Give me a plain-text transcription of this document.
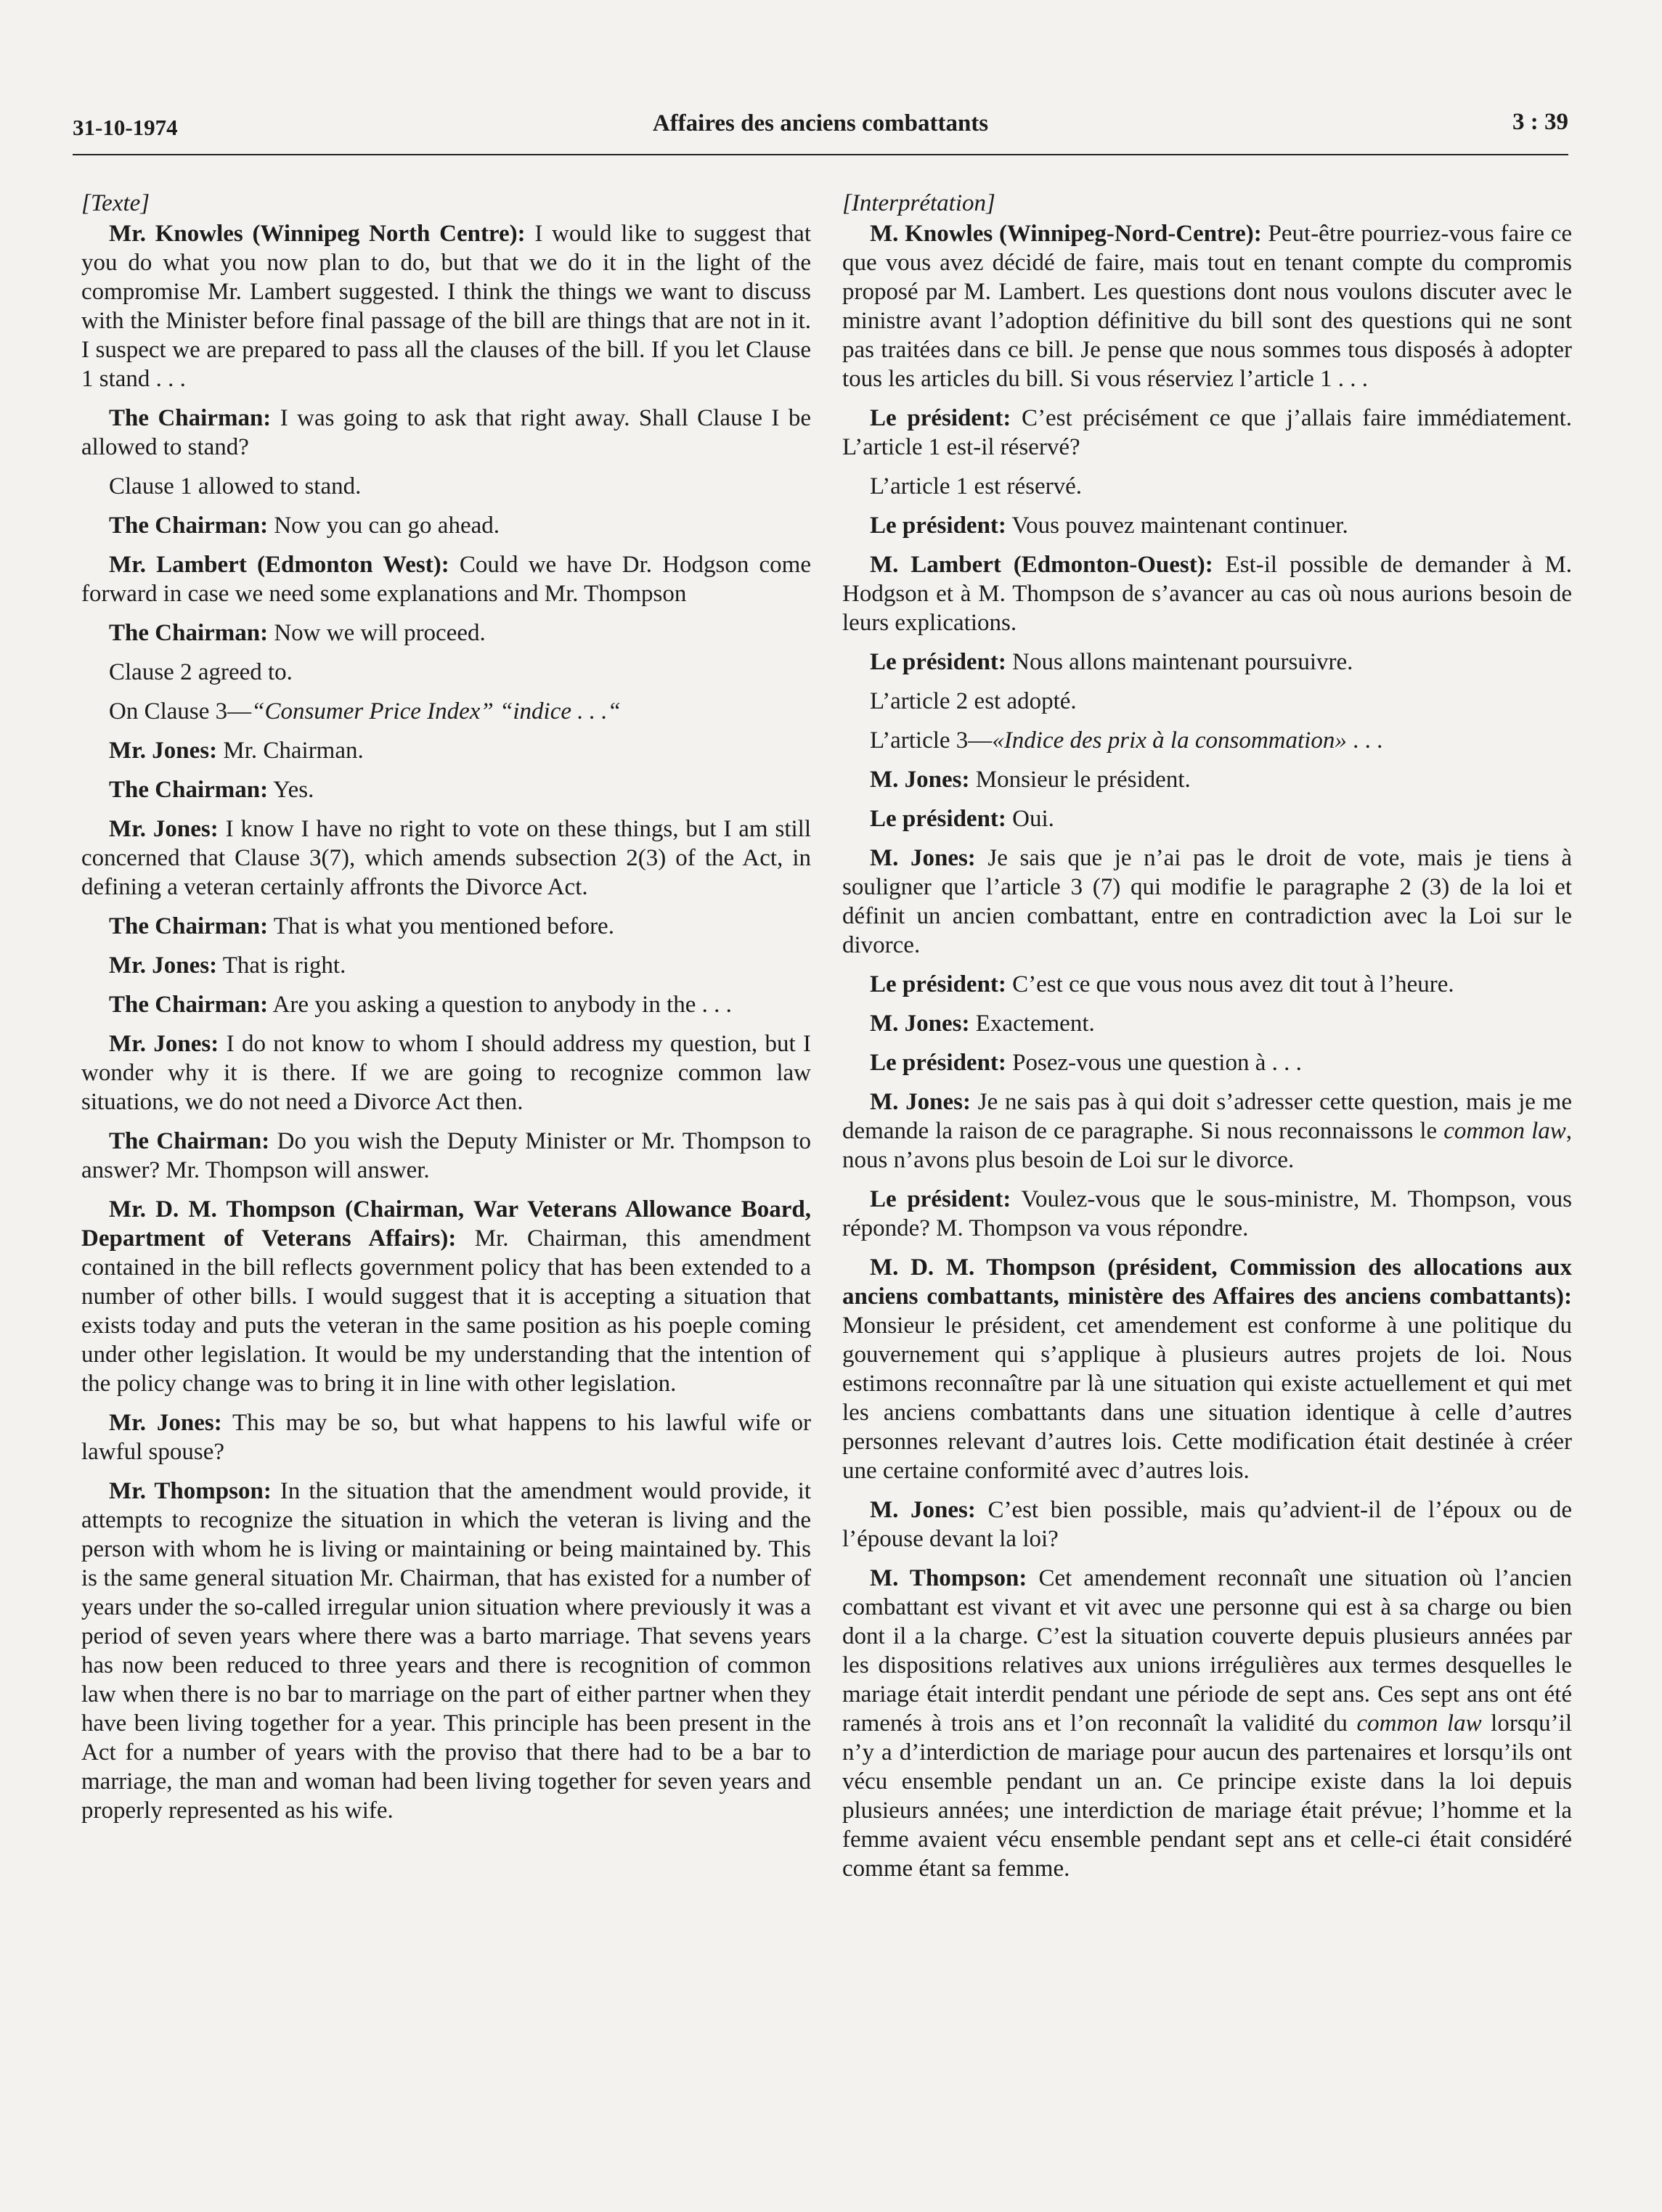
31-10-1974	Affaires des anciens combattants	3 : 39
[Texte]

Mr. Knowles (Winnipeg North Centre): I would like to suggest that you do what you now plan to do, but that we do it in the light of the compromise Mr. Lambert suggested. I think the things we want to discuss with the Minister before final passage of the bill are things that are not in it. I suspect we are prepared to pass all the clauses of the bill. If you let Clause 1 stand . . .

The Chairman: I was going to ask that right away. Shall Clause I be allowed to stand?

Clause 1 allowed to stand.

The Chairman: Now you can go ahead.

Mr. Lambert (Edmonton West): Could we have Dr. Hodgson come forward in case we need some explanations and Mr. Thompson

The Chairman: Now we will proceed.

Clause 2 agreed to.

On Clause 3—“Consumer Price Index” “indice . . .“

Mr. Jones: Mr. Chairman.

The Chairman: Yes.

Mr. Jones: I know I have no right to vote on these things, but I am still concerned that Clause 3(7), which amends subsection 2(3) of the Act, in defining a veteran certainly affronts the Divorce Act.

The Chairman: That is what you mentioned before.

Mr. Jones: That is right.

The Chairman: Are you asking a question to anybody in the . . .

Mr. Jones: I do not know to whom I should address my question, but I wonder why it is there. If we are going to recognize common law situations, we do not need a Divorce Act then.

The Chairman: Do you wish the Deputy Minister or Mr. Thompson to answer? Mr. Thompson will answer.

Mr. D. M. Thompson (Chairman, War Veterans Allowance Board, Department of Veterans Affairs): Mr. Chairman, this amendment contained in the bill reflects government policy that has been extended to a number of other bills. I would suggest that it is accepting a situation that exists today and puts the veteran in the same position as his poeple coming under other legislation. It would be my understanding that the intention of the policy change was to bring it in line with other legislation.

Mr. Jones: This may be so, but what happens to his lawful wife or lawful spouse?

Mr. Thompson: In the situation that the amendment would provide, it attempts to recognize the situation in which the veteran is living and the person with whom he is living or maintaining or being maintained by. This is the same general situation Mr. Chairman, that has existed for a number of years under the so-called irregular union situation where previously it was a period of seven years where there was a barto marriage. That sevens years has now been reduced to three years and there is recognition of common law when there is no bar to marriage on the part of either partner when they have been living together for a year. This principle has been present in the Act for a number of years with the proviso that there had to be a bar to marriage, the man and woman had been living together for seven years and properly represented as his wife.

[Interprétation]

M. Knowles (Winnipeg-Nord-Centre): Peut-être pourriez-vous faire ce que vous avez décidé de faire, mais tout en tenant compte du compromis proposé par M. Lambert. Les questions dont nous voulons discuter avec le ministre avant l’adoption définitive du bill sont des questions qui ne sont pas traitées dans ce bill. Je pense que nous sommes tous disposés à adopter tous les articles du bill. Si vous réserviez l’article 1 . . .

Le président: C’est précisément ce que j’allais faire immédiatement. L’article 1 est-il réservé?

L’article 1 est réservé.

Le président: Vous pouvez maintenant continuer.

M. Lambert (Edmonton-Ouest): Est-il possible de demander à M. Hodgson et à M. Thompson de s’avancer au cas où nous aurions besoin de leurs explications.

Le président: Nous allons maintenant poursuivre.

L’article 2 est adopté.

L’article 3—«Indice des prix à la consommation» . . .

M. Jones: Monsieur le président.

Le président: Oui.

M. Jones: Je sais que je n’ai pas le droit de vote, mais je tiens à souligner que l’article 3 (7) qui modifie le paragraphe 2 (3) de la loi et définit un ancien combattant, entre en contradiction avec la Loi sur le divorce.

Le président: C’est ce que vous nous avez dit tout à l’heure.

M. Jones: Exactement.

Le président: Posez-vous une question à . . .

M. Jones: Je ne sais pas à qui doit s’adresser cette question, mais je me demande la raison de ce paragraphe. Si nous reconnaissons le common law, nous n’avons plus besoin de Loi sur le divorce.

Le président: Voulez-vous que le sous-ministre, M. Thompson, vous réponde? M. Thompson va vous répondre.

M. D. M. Thompson (président, Commission des allocations aux anciens combattants, ministère des Affaires des anciens combattants): Monsieur le président, cet amendement est conforme à une politique du gouvernement qui s’applique à plusieurs autres projets de loi. Nous estimons reconnaître par là une situation qui existe actuellement et qui met les anciens combattants dans une situation identique à celle d’autres personnes relevant d’autres lois. Cette modification était destinée à créer une certaine conformité avec d’autres lois.

M. Jones: C’est bien possible, mais qu’advient-il de l’époux ou de l’épouse devant la loi?

M. Thompson: Cet amendement reconnaît une situation où l’ancien combattant est vivant et vit avec une personne qui est à sa charge ou bien dont il a la charge. C’est la situation couverte depuis plusieurs années par les dispositions relatives aux unions irrégulières aux termes desquelles le mariage était interdit pendant une période de sept ans. Ces sept ans ont été ramenés à trois ans et l’on reconnaît la validité du common law lorsqu’il n’y a d’interdiction de mariage pour aucun des partenaires et lorsqu’ils ont vécu ensemble pendant un an. Ce principe existe dans la loi depuis plusieurs années; une interdiction de mariage était prévue; l’homme et la femme avaient vécu ensemble pendant sept ans et celle-ci était considéré comme étant sa femme.
